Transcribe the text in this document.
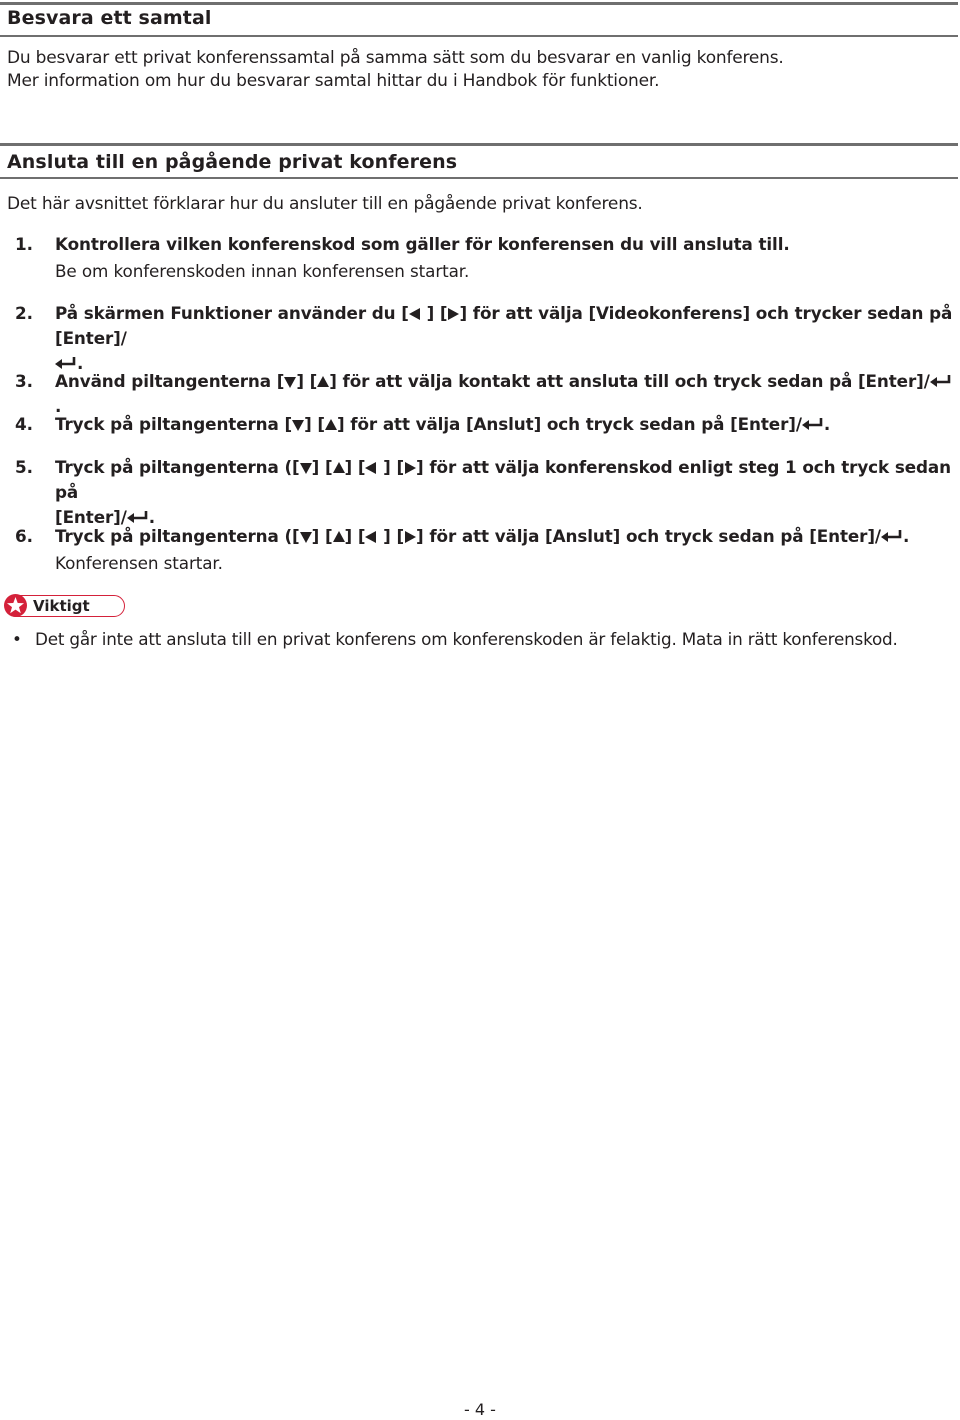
Besvara ett samtal
Du besvarar ett privat konferenssamtal på samma sätt som du besvarar en vanlig konferens.
Mer information om hur du besvarar samtal hittar du i Handbok för funktioner.
Ansluta till en pågående privat konferens
Det här avsnittet förklarar hur du ansluter till en pågående privat konferens.
1. Kontrollera vilken konferenskod som gäller för konferensen du vill ansluta till.
Be om konferenskoden innan konferensen startar.
2. På skärmen Funktioner använder du [ ] [ ] för att välja [Videokonferens] och trycker sedan på [Enter]/
.
3. Använd piltangenterna [ ] [ ] för att välja kontakt att ansluta till och tryck sedan på [Enter]/.
4. Tryck på piltangenterna [ ] [ ] för att välja [Anslut] och tryck sedan på [Enter]/ .
5. Tryck på piltangenterna ([ ] [ ] [ ] [ ] för att välja konferenskod enligt steg 1 och tryck sedan på
[Enter]/ .
6. Tryck på piltangenterna ([ ] [ ] [ ] [ ] för att välja [Anslut] och tryck sedan på [Enter]/ .
Konferensen startar.
Viktigt
• Det går inte att ansluta till en privat konferens om konferenskoden är felaktig. Mata in rätt konferenskod.
- 4 -
